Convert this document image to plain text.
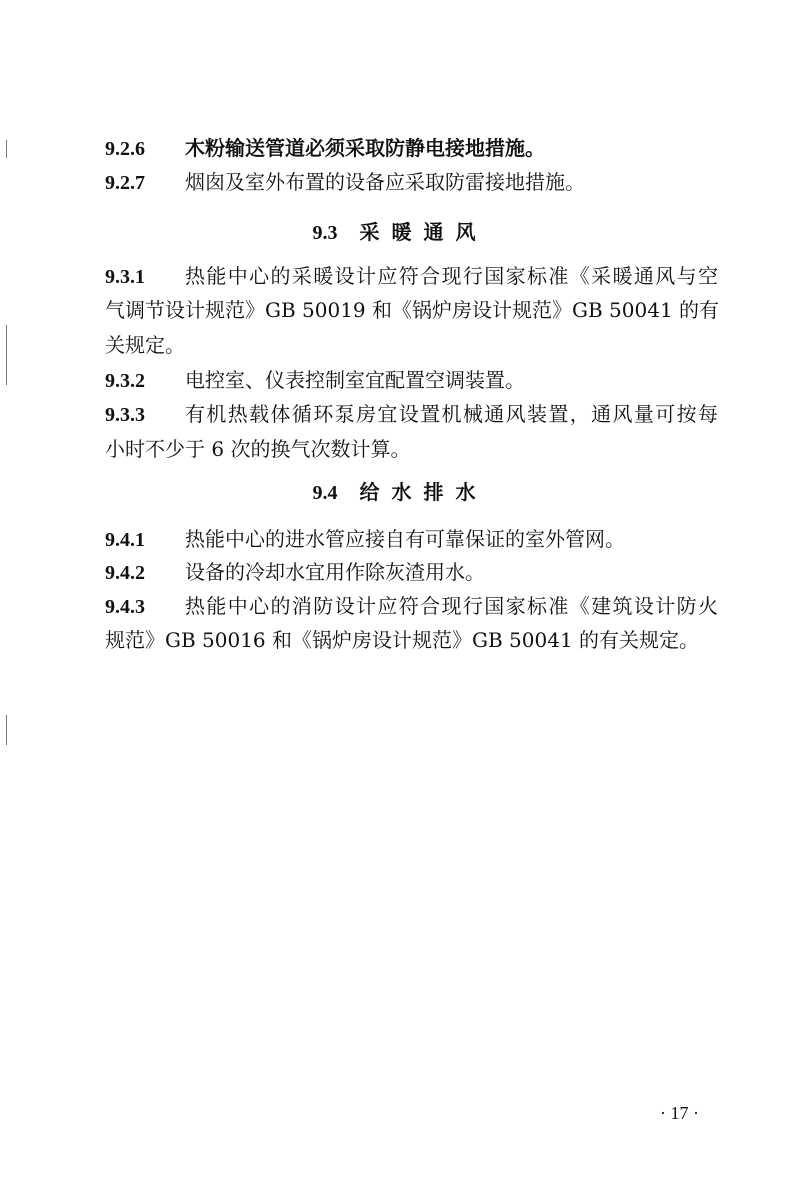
9.2.6 木粉输送管道必须采取防静电接地措施。
9.2.7 烟囱及室外布置的设备应采取防雷接地措施。
9.3 采暖通风
9.3.1 热能中心的采暖设计应符合现行国家标准《采暖通风与空
气调节设计规范》GB 50019 和《锅炉房设计规范》GB 50041 的有
关规定。
9.3.2 电控室、仪表控制室宜配置空调装置。
9.3.3 有机热载体循环泵房宜设置机械通风装置，通风量可按每
小时不少于 6 次的换气次数计算。
9.4 给水排水
9.4.1 热能中心的进水管应接自有可靠保证的室外管网。
9.4.2 设备的冷却水宜用作除灰渣用水。
9.4.3 热能中心的消防设计应符合现行国家标准《建筑设计防火
规范》GB 50016 和《锅炉房设计规范》GB 50041 的有关规定。
· 17 ·
